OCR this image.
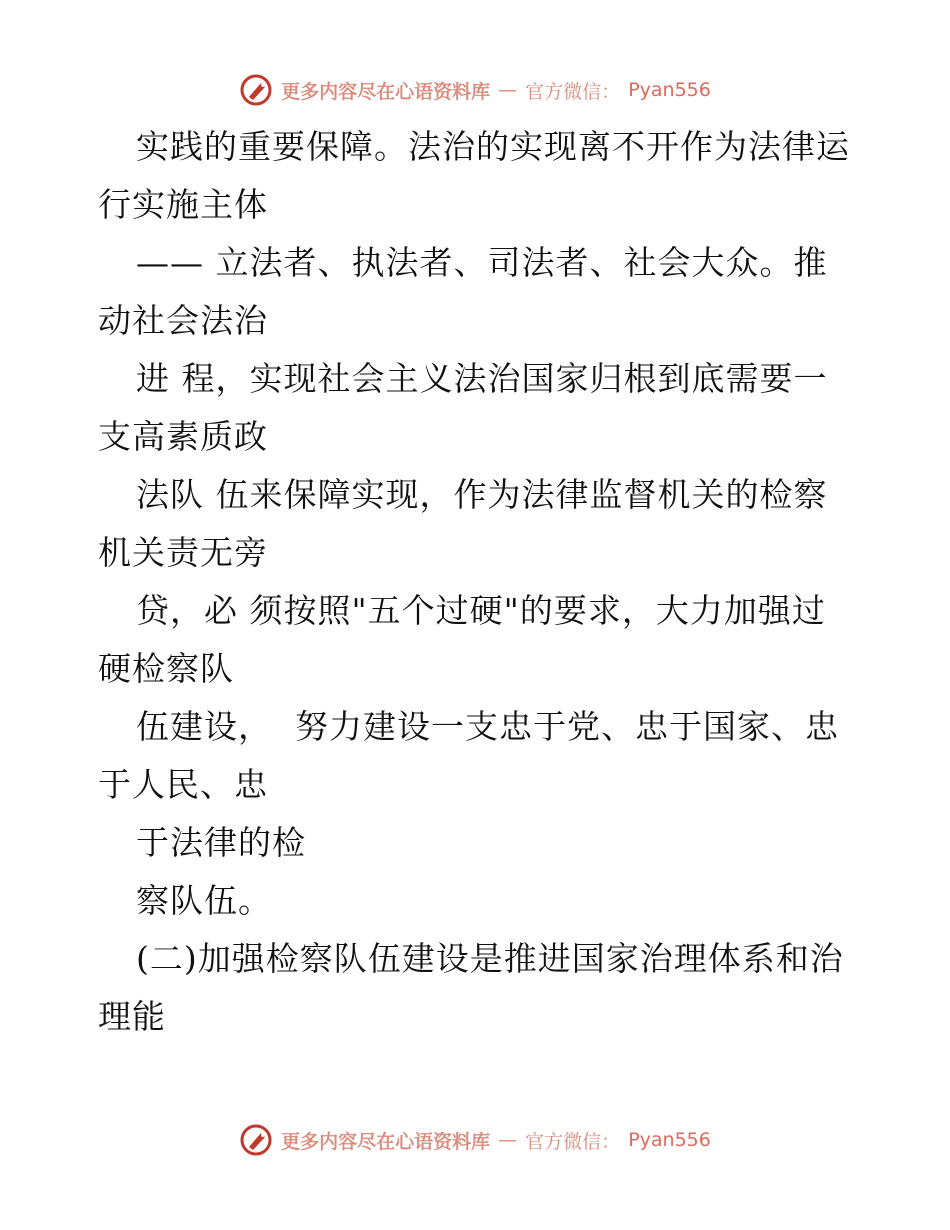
更多内容尽在心语资料库 — 官方微信： Pyan556
实践的重要保障。法治的实现离不开作为法律运
行实施主体
—— 立法者、执法者、司法者、社会大众。推
动社会法治
进 程，实现社会主义法治国家归根到底需要一
支高素质政
法队 伍来保障实现，作为法律监督机关的检察
机关责无旁
贷，必 须按照"五个过硬"的要求，大力加强过
硬检察队
伍建设，  努力建设一支忠于党、忠于国家、忠
于人民、忠
于法律的检
察队伍。
(二)加强检察队伍建设是推进国家治理体系和治
理能
更多内容尽在心语资料库 — 官方微信： Pyan556
